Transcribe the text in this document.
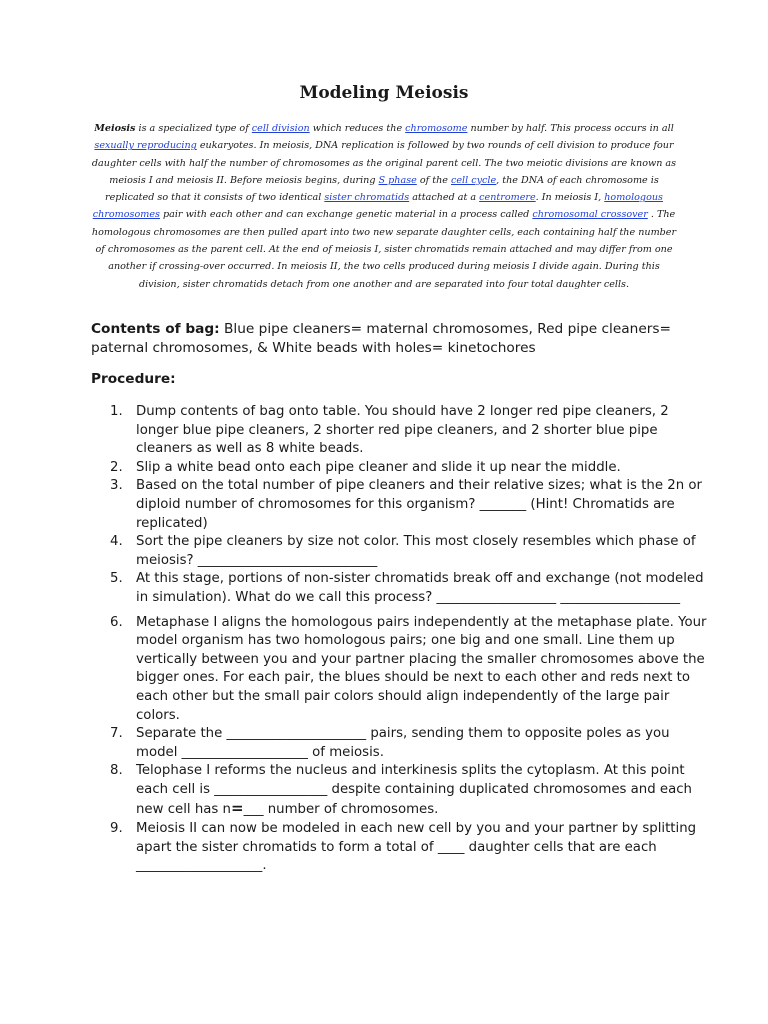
Modeling Meiosis
Meiosis is a specialized type of cell division which reduces the chromosome number by half. This process occurs in all sexually reproducing eukaryotes. In meiosis, DNA replication is followed by two rounds of cell division to produce four daughter cells with half the number of chromosomes as the original parent cell. The two meiotic divisions are known as meiosis I and meiosis II. Before meiosis begins, during S phase of the cell cycle, the DNA of each chromosome is replicated so that it consists of two identical sister chromatids attached at a centromere. In meiosis I, homologous chromosomes pair with each other and can exchange genetic material in a process called chromosomal crossover . The homologous chromosomes are then pulled apart into two new separate daughter cells, each containing half the number of chromosomes as the parent cell. At the end of meiosis I, sister chromatids remain attached and may differ from one another if crossing-over occurred. In meiosis II, the two cells produced during meiosis I divide again. During this division, sister chromatids detach from one another and are separated into four total daughter cells.
Contents of bag: Blue pipe cleaners= maternal chromosomes, Red pipe cleaners= paternal chromosomes, & White beads with holes= kinetochores
Procedure:
1.	Dump contents of bag onto table. You should have 2 longer red pipe cleaners, 2 longer blue pipe cleaners, 2 shorter red pipe cleaners, and 2 shorter blue pipe cleaners as well as 8 white beads.
2.	Slip a white bead onto each pipe cleaner and slide it up near the middle.
3.	Based on the total number of pipe cleaners and their relative sizes; what is the 2n or diploid number of chromosomes for this organism? _______ (Hint! Chromatids are replicated)
4.	Sort the pipe cleaners by size not color. This most closely resembles which phase of meiosis? ___________________________
5.	At this stage, portions of non-sister chromatids break off and exchange (not modeled in simulation). What do we call this process? __________________ __________________
6.	Metaphase I aligns the homologous pairs independently at the metaphase plate. Your model organism has two homologous pairs; one big and one small. Line them up vertically between you and your partner placing the smaller chromosomes above the bigger ones. For each pair, the blues should be next to each other and reds next to each other but the small pair colors should align independently of the large pair colors.
7.	Separate the _____________________ pairs, sending them to opposite poles as you model ___________________ of meiosis.
8.	Telophase I reforms the nucleus and interkinesis splits the cytoplasm. At this point each cell is _________________ despite containing duplicated chromosomes and each new cell has n=___ number of chromosomes.
9.	Meiosis II can now be modeled in each new cell by you and your partner by splitting apart the sister chromatids to form a total of ____ daughter cells that are each ___________________.
